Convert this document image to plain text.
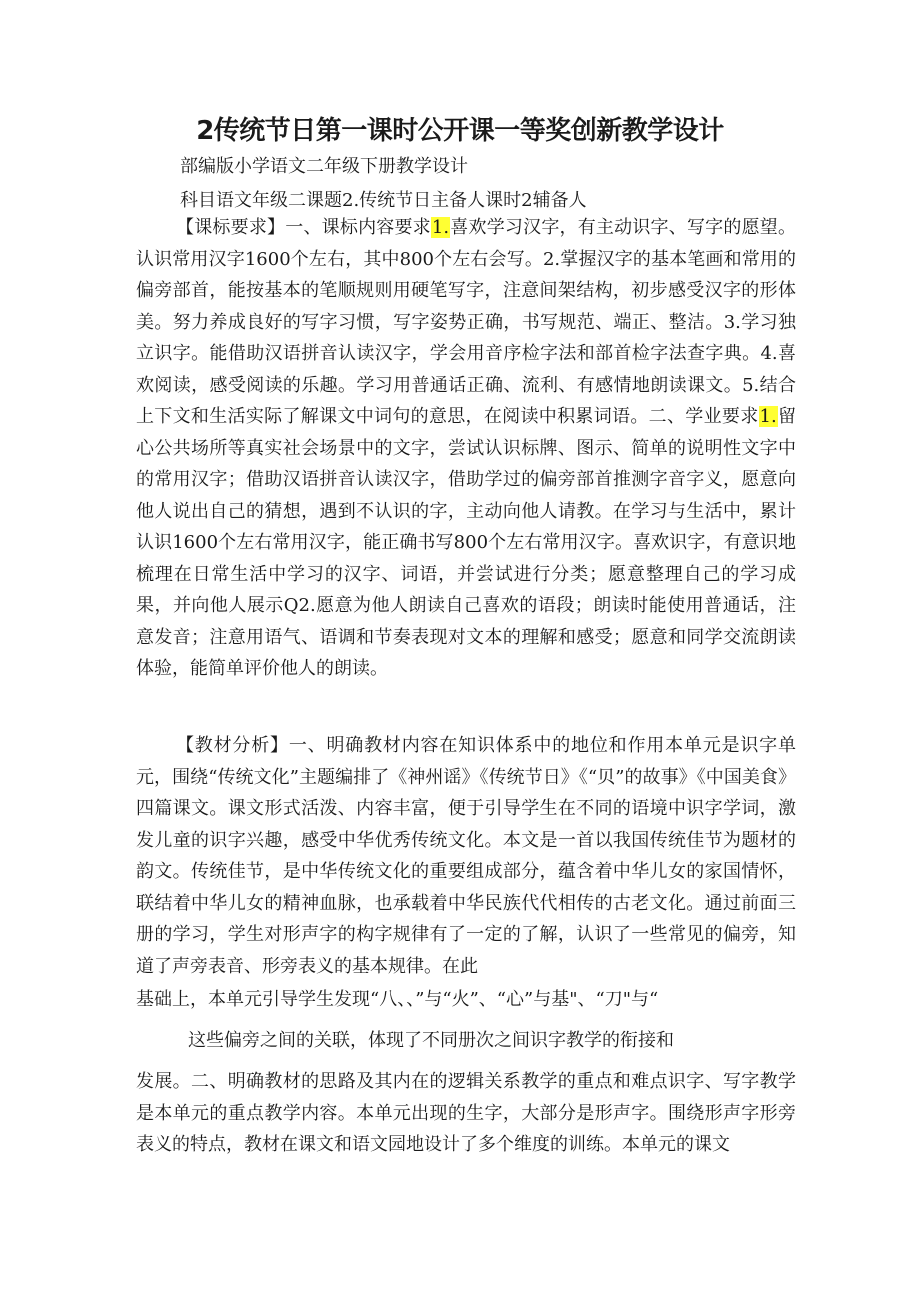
2传统节日第一课时公开课一等奖创新教学设计

部编版小学语文二年级下册教学设计

科目语文年级二课题2.传统节日主备人课时2辅备人

【课标要求】一、课标内容要求1.喜欢学习汉字，有主动识字、写字的愿望。认识常用汉字1600个左右，其中800个左右会写。2.掌握汉字的基本笔画和常用的偏旁部首，能按基本的笔顺规则用硬笔写字，注意间架结构，初步感受汉字的形体美。努力养成良好的写字习惯，写字姿势正确，书写规范、端正、整洁。3.学习独立识字。能借助汉语拼音认读汉字，学会用音序检字法和部首检字法查字典。4.喜欢阅读，感受阅读的乐趣。学习用普通话正确、流利、有感情地朗读课文。5.结合上下文和生活实际了解课文中词句的意思，在阅读中积累词语。二、学业要求1.留心公共场所等真实社会场景中的文字，尝试认识标牌、图示、简单的说明性文字中的常用汉字；借助汉语拼音认读汉字，借助学过的偏旁部首推测字音字义，愿意向他人说出自己的猜想，遇到不认识的字，主动向他人请教。在学习与生活中，累计认识1600个左右常用汉字，能正确书写800个左右常用汉字。喜欢识字，有意识地梳理在日常生活中学习的汉字、词语，并尝试进行分类；愿意整理自己的学习成果，并向他人展示Q2.愿意为他人朗读自己喜欢的语段；朗读时能使用普通话，注意发音；注意用语气、语调和节奏表现对文本的理解和感受；愿意和同学交流朗读体验，能简单评价他人的朗读。

【教材分析】一、明确教材内容在知识体系中的地位和作用本单元是识字单元，围绕“传统文化”主题编排了《神州谣》《传统节日》《“贝”的故事》《中国美食》四篇课文。课文形式活泼、内容丰富，便于引导学生在不同的语境中识字学词，激发儿童的识字兴趣，感受中华优秀传统文化。本文是一首以我国传统佳节为题材的韵文。传统佳节，是中华传统文化的重要组成部分，蕴含着中华儿女的家国情怀，联结着中华儿女的精神血脉，也承载着中华民族代代相传的古老文化。通过前面三册的学习，学生对形声字的构字规律有了一定的了解，认识了一些常见的偏旁，知道了声旁表音、形旁表义的基本规律。在此

基础上，本单元引导学生发现“八、、”与“火”、“心”与基"、“刀"与“

这些偏旁之间的关联，体现了不同册次之间识字教学的衔接和

发展。二、明确教材的思路及其内在的逻辑关系教学的重点和难点识字、写字教学是本单元的重点教学内容。本单元出现的生字，大部分是形声字。围绕形声字形旁表义的特点，教材在课文和语文园地设计了多个维度的训练。本单元的课文
